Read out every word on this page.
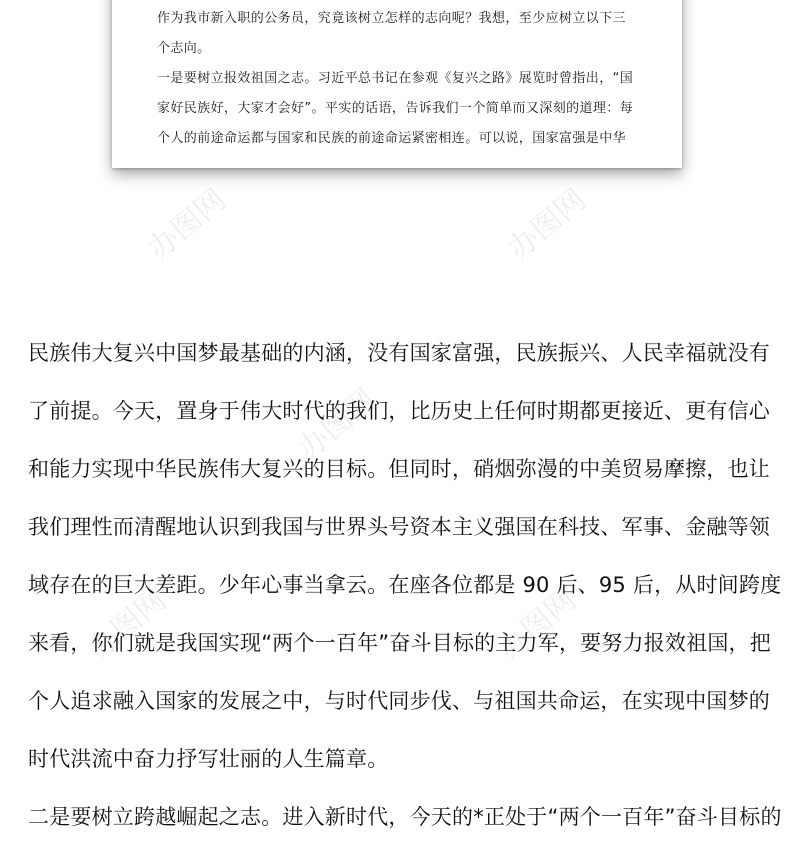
办图网	办图网
办图网
办图网	办图网
作为我市新入职的公务员，究竟该树立怎样的志向呢？我想，至少应树立以下三
个志向。
一是要树立报效祖国之志。习近平总书记在参观《复兴之路》展览时曾指出，“国
家好民族好，大家才会好”。平实的话语，告诉我们一个简单而又深刻的道理：每
个人的前途命运都与国家和民族的前途命运紧密相连。可以说，国家富强是中华
民族伟大复兴中国梦最基础的内涵，没有国家富强，民族振兴、人民幸福就没有
了前提。今天，置身于伟大时代的我们，比历史上任何时期都更接近、更有信心
和能力实现中华民族伟大复兴的目标。但同时，硝烟弥漫的中美贸易摩擦，也让
我们理性而清醒地认识到我国与世界头号资本主义强国在科技、军事、金融等领
域存在的巨大差距。少年心事当拿云。在座各位都是 90 后、95 后，从时间跨度
来看，你们就是我国实现“两个一百年”奋斗目标的主力军，要努力报效祖国，把
个人追求融入国家的发展之中，与时代同步伐、与祖国共命运，在实现中国梦的
时代洪流中奋力抒写壮丽的人生篇章。
二是要树立跨越崛起之志。进入新时代，今天的*正处于“两个一百年”奋斗目标的
